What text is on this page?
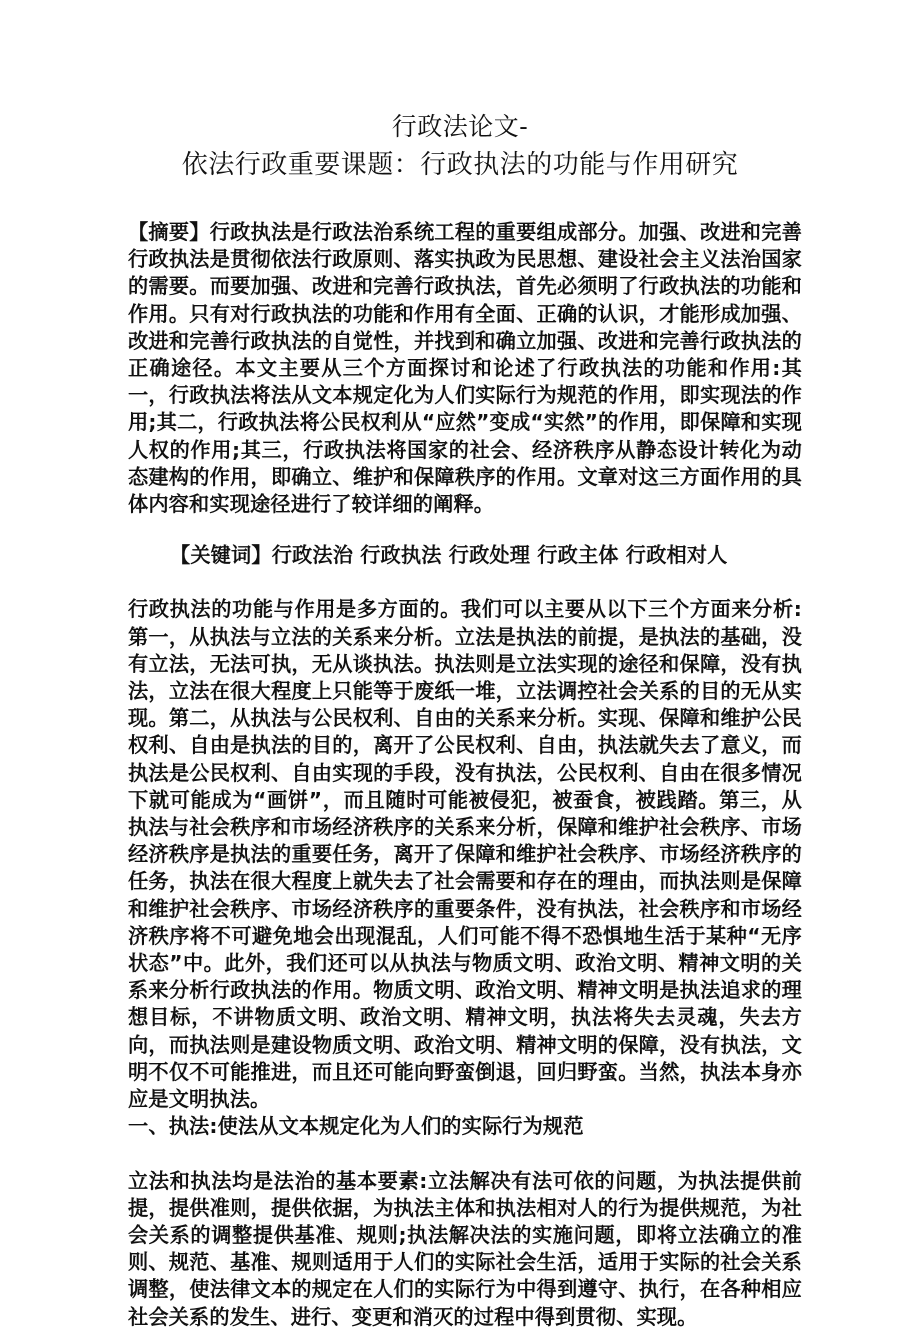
行政法论文-
依法行政重要课题：行政执法的功能与作用研究

【摘要】行政执法是行政法治系统工程的重要组成部分。加强、改进和完善行政执法是贯彻依法行政原则、落实执政为民思想、建设社会主义法治国家的需要。而要加强、改进和完善行政执法，首先必须明了行政执法的功能和作用。只有对行政执法的功能和作用有全面、正确的认识，才能形成加强、改进和完善行政执法的自觉性，并找到和确立加强、改进和完善行政执法的正确途径。本文主要从三个方面探讨和论述了行政执法的功能和作用:其一，行政执法将法从文本规定化为人们实际行为规范的作用，即实现法的作用;其二，行政执法将公民权利从“应然”变成“实然”的作用，即保障和实现人权的作用;其三，行政执法将国家的社会、经济秩序从静态设计转化为动态建构的作用，即确立、维护和保障秩序的作用。文章对这三方面作用的具体内容和实现途径进行了较详细的阐释。

【关键词】行政法治 行政执法 行政处理 行政主体 行政相对人

行政执法的功能与作用是多方面的。我们可以主要从以下三个方面来分析:第一，从执法与立法的关系来分析。立法是执法的前提，是执法的基础，没有立法，无法可执，无从谈执法。执法则是立法实现的途径和保障，没有执法，立法在很大程度上只能等于废纸一堆，立法调控社会关系的目的无从实现。第二，从执法与公民权利、自由的关系来分析。实现、保障和维护公民权利、自由是执法的目的，离开了公民权利、自由，执法就失去了意义，而执法是公民权利、自由实现的手段，没有执法，公民权利、自由在很多情况下就可能成为“画饼”，而且随时可能被侵犯，被蚕食，被践踏。第三，从执法与社会秩序和市场经济秩序的关系来分析，保障和维护社会秩序、市场经济秩序是执法的重要任务，离开了保障和维护社会秩序、市场经济秩序的任务，执法在很大程度上就失去了社会需要和存在的理由，而执法则是保障和维护社会秩序、市场经济秩序的重要条件，没有执法，社会秩序和市场经济秩序将不可避免地会出现混乱，人们可能不得不恐惧地生活于某种“无序状态”中。此外，我们还可以从执法与物质文明、政治文明、精神文明的关系来分析行政执法的作用。物质文明、政治文明、精神文明是执法追求的理想目标，不讲物质文明、政治文明、精神文明，执法将失去灵魂，失去方向，而执法则是建设物质文明、政治文明、精神文明的保障，没有执法，文明不仅不可能推进，而且还可能向野蛮倒退，回归野蛮。当然，执法本身亦应是文明执法。

一、执法:使法从文本规定化为人们的实际行为规范

立法和执法均是法治的基本要素:立法解决有法可依的问题，为执法提供前提，提供准则，提供依据，为执法主体和执法相对人的行为提供规范，为社会关系的调整提供基准、规则;执法解决法的实施问题，即将立法确立的准则、规范、基准、规则适用于人们的实际社会生活，适用于实际的社会关系调整，使法律文本的规定在人们的实际行为中得到遵守、执行，在各种相应社会关系的发生、进行、变更和消灭的过程中得到贯彻、实现。
